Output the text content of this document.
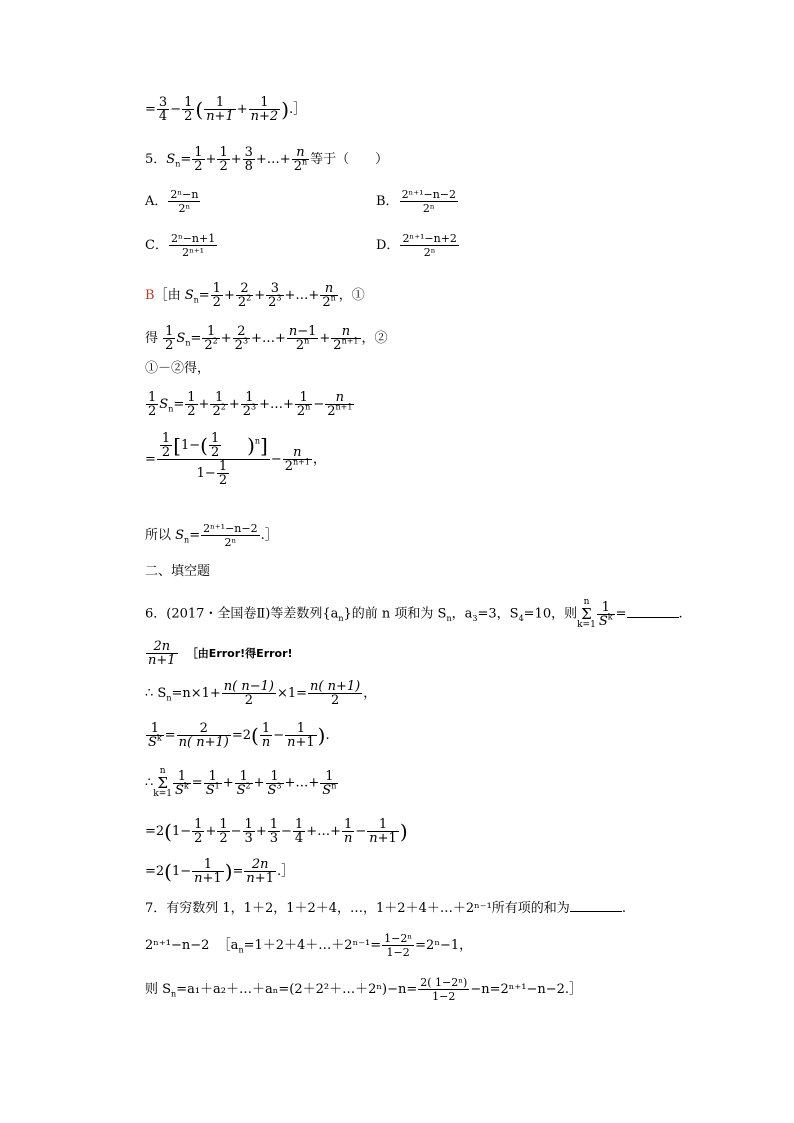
= $\frac{3}{4} - \frac{1}{2}$ ( $\frac{1}{n+1} + \frac{1}{n+2}$ ).］
5．$S_n= \frac{1}{2} + \frac{1}{2} + \frac{3}{8}$ +…+ $\frac{n}{2^n}$ 等于（　　）
A． $\frac{\text{2ⁿ−n}}{\text{2ⁿ}}$	B． $\frac{\text{2ⁿ⁺¹−n−2}}{\text{2ⁿ}}$
C． $\frac{\text{2ⁿ−n+1}}{\text{2ⁿ⁺¹}}$	D． $\frac{\text{2ⁿ⁺¹−n+2}}{\text{2ⁿ}}$
B［由 $S_n= \frac{1}{2} + \frac{2}{2^2} + \frac{3}{2^3}$ +…+ $\frac{n}{2^n}$ ，①
得 $\frac{1}{2} S_n= \frac{1}{2^2} + \frac{2}{2^3}$ +…+ $\frac{n-1}{2^n} + \frac{n}{2^{n+1}}$ ，②
①－②得，
$\frac{1}{2} S_n= \frac{1}{2} + \frac{1}{2^2} + \frac{1}{2^3}$ +…+ $\frac{1}{2^n} - \frac{n}{2^{n+1}}$
= $\frac{\frac{1}{2} [1-( \frac{1}{2} )^n]}{1- \frac{1}{2}} - \frac{n}{2^{n+1}}$ ，
所以 $S_n= \frac{\text{2ⁿ⁺¹−n−2}}{\text{2ⁿ}}$ .］
二、填空题
6．(2017・全国卷Ⅱ)等差数列$\{a_n\}$的前 n 项和为 $S_n$，$a_3=3$，$S_4=10$，则n
Σ
$k=1 \frac{1}{S^k}$ =	.
$\frac{2n}{n+1}$ ［由Error!得Error!
∴ $S_n=n\times 1+ \frac{n( n-1)}{2} \times 1= \frac{n( n+1)}{2}$ ，
$\frac{1}{S^k} = \frac{2}{n( n+1)} =2( \frac{1}{n} - \frac{1}{n+1}$ ).
∴n
Σ
$k=1 \frac{1}{S^k} = \frac{1}{S^1} + \frac{1}{S^2} + \frac{1}{S^3}$ +…+ $\frac{1}{S^n}$
$=2(1- \frac{1}{2} + \frac{1}{2} - \frac{1}{3} + \frac{1}{3} - \frac{1}{4}$ +…+ $\frac{1}{n} - \frac{1}{n+1}$ )
$=2(1- \frac{1}{n+1}$ )= $\frac{2n}{n+1}$ .］
7．有穷数列 1，1＋2，1＋2＋4，…，1＋2＋4＋…＋2ⁿ⁻¹所有项的和为	.
2ⁿ⁺¹−n−2 $[a_n=1+2+4+\dots+2^{n-1}= \frac{\text{1−2ⁿ}}{1-2} =2^n-1$，
则 $S_n=a_1+a_2+\dots+a_n=(2+2^2+\dots+2^n)-n= \frac{\text{2( 1−2ⁿ)}}{1-2}$ −n=2ⁿ⁺¹−n−2.］
